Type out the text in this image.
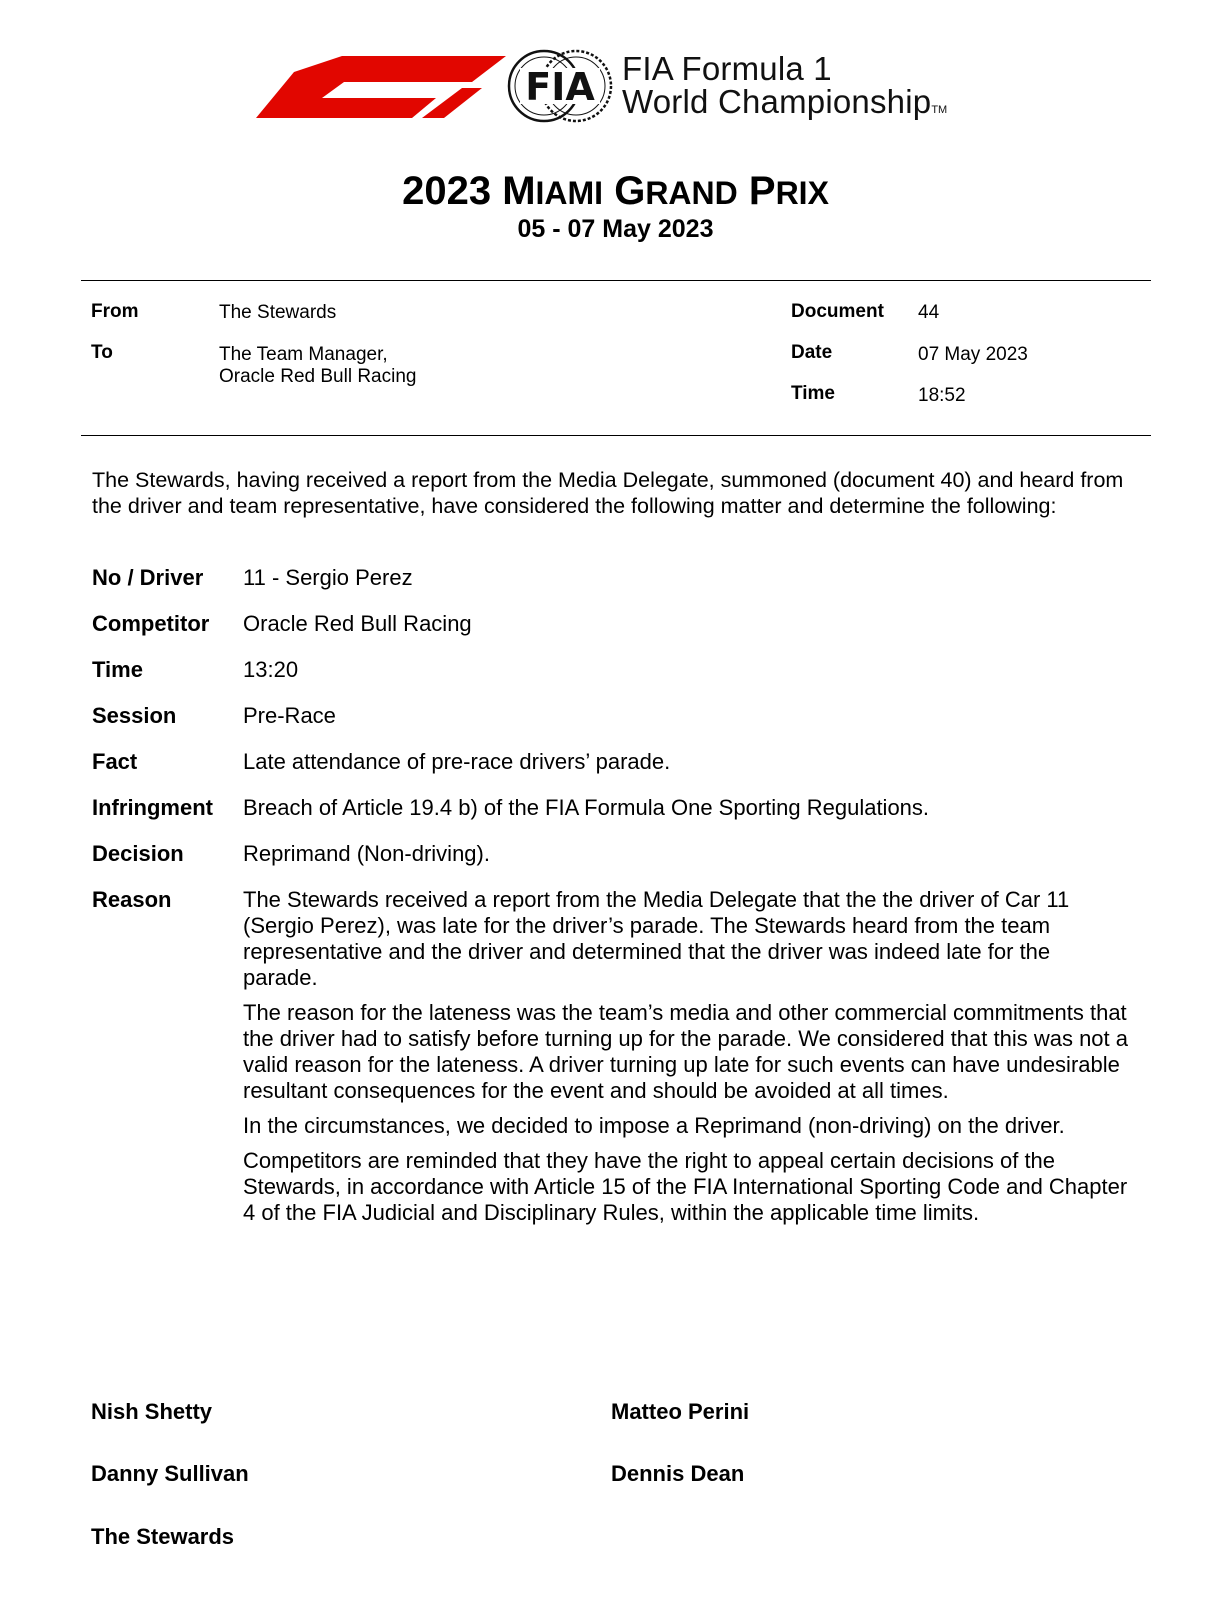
FIA FIA Formula 1
World ChampionshipTM
2023 MIAMI GRAND PRIX
05 - 07 May 2023
From	The Stewards
To	The Team Manager,
Oracle Red Bull Racing
Document 44
Date	07 May 2023
Time	18:52
The Stewards, having received a report from the Media Delegate, summoned (document 40) and heard from the driver and team representative, have considered the following matter and determine the following:
No / Driver 11 - Sergio Perez
Competitor Oracle Red Bull Racing
Time	13:20
Session	Pre-Race
Fact	Late attendance of pre-race drivers’ parade.
Infringment Breach of Article 19.4 b) of the FIA Formula One Sporting Regulations.
Decision	Reprimand (Non-driving).
Reason	The Stewards received a report from the Media Delegate that the the driver of Car 11 (Sergio Perez), was late for the driver’s parade. The Stewards heard from the team representative and the driver and determined that the driver was indeed late for the parade.

The reason for the lateness was the team’s media and other commercial commitments that the driver had to satisfy before turning up for the parade. We considered that this was not a valid reason for the lateness. A driver turning up late for such events can have undesirable resultant consequences for the event and should be avoided at all times.

In the circumstances, we decided to impose a Reprimand (non-driving) on the driver.

Competitors are reminded that they have the right to appeal certain decisions of the Stewards, in accordance with Article 15 of the FIA International Sporting Code and Chapter 4 of the FIA Judicial and Disciplinary Rules, within the applicable time limits.

Nish Shetty	Matteo Perini
Danny Sullivan	Dennis Dean
The Stewards
